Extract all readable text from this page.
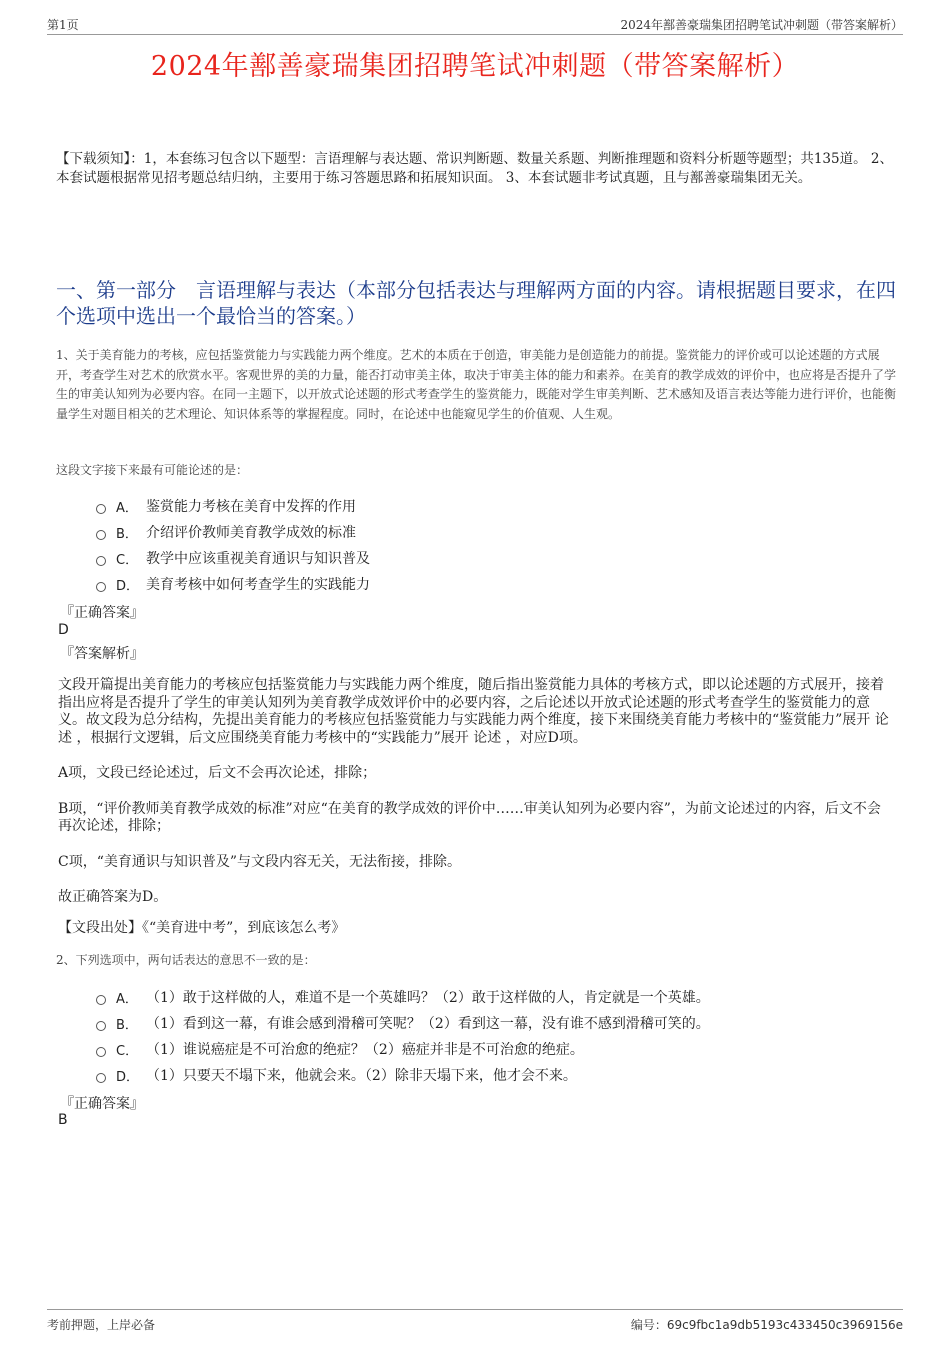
第1页	2024年鄯善豪瑞集团招聘笔试冲刺题（带答案解析）
2024年鄯善豪瑞集团招聘笔试冲刺题（带答案解析）
【下载须知】：1，本套练习包含以下题型：言语理解与表达题、常识判断题、数量关系题、判断推理题和资料分析题等题型；共135道。 2、本套试题根据常见招考题总结归纳，主要用于练习答题思路和拓展知识面。 3、本套试题非考试真题，且与鄯善豪瑞集团无关。
一、第一部分　言语理解与表达（本部分包括表达与理解两方面的内容。请根据题目要求，在四个选项中选出一个最恰当的答案。）
1、关于美育能力的考核，应包括鉴赏能力与实践能力两个维度。艺术的本质在于创造，审美能力是创造能力的前提。鉴赏能力的评价或可以论述题的方式展开，考查学生对艺术的欣赏水平。客观世界的美的力量，能否打动审美主体，取决于审美主体的能力和素养。在美育的教学成效的评价中，也应将是否提升了学生的审美认知列为必要内容。在同一主题下，以开放式论述题的形式考查学生的鉴赏能力，既能对学生审美判断、艺术感知及语言表达等能力进行评价，也能衡量学生对题目相关的艺术理论、知识体系等的掌握程度。同时，在论述中也能窥见学生的价值观、人生观。
这段文字接下来最有可能论述的是：
A． 鉴赏能力考核在美育中发挥的作用
B． 介绍评价教师美育教学成效的标准
C． 教学中应该重视美育通识与知识普及
D． 美育考核中如何考查学生的实践能力
『正确答案』
D
『答案解析』

文段开篇提出美育能力的考核应包括鉴赏能力与实践能力两个维度，随后指出鉴赏能力具体的考核方式，即以论述题的方式展开，接着指出应将是否提升了学生的审美认知列为美育教学成效评价中的必要内容，之后论述以开放式论述题的形式考查学生的鉴赏能力的意义。故文段为总分结构，先提出美育能力的考核应包括鉴赏能力与实践能力两个维度，接下来围绕美育能力考核中的“鉴赏能力”展开 论述 ，根据行文逻辑，后文应围绕美育能力考核中的“实践能力”展开 论述 ，对应D项。

A项，文段已经论述过，后文不会再次论述，排除；

B项，“评价教师美育教学成效的标准”对应“在美育的教学成效的评价中……审美认知列为必要内容”，为前文论述过的内容，后文不会再次论述，排除；

C项，“美育通识与知识普及”与文段内容无关，无法衔接，排除。

故正确答案为D。

【文段出处】《“美育进中考”，到底该怎么考》
2、下列选项中，两句话表达的意思不一致的是：
A． （1）敢于这样做的人，难道不是一个英雄吗？（2）敢于这样做的人，肯定就是一个英雄。
B． （1）看到这一幕，有谁会感到滑稽可笑呢？（2）看到这一幕，没有谁不感到滑稽可笑的。
C． （1）谁说癌症是不可治愈的绝症？（2）癌症并非是不可治愈的绝症。
D． （1）只要天不塌下来，他就会来。（2）除非天塌下来，他才会不来。
『正确答案』
B
考前押题，上岸必备	编号：69c9fbc1a9db5193c433450c3969156e
